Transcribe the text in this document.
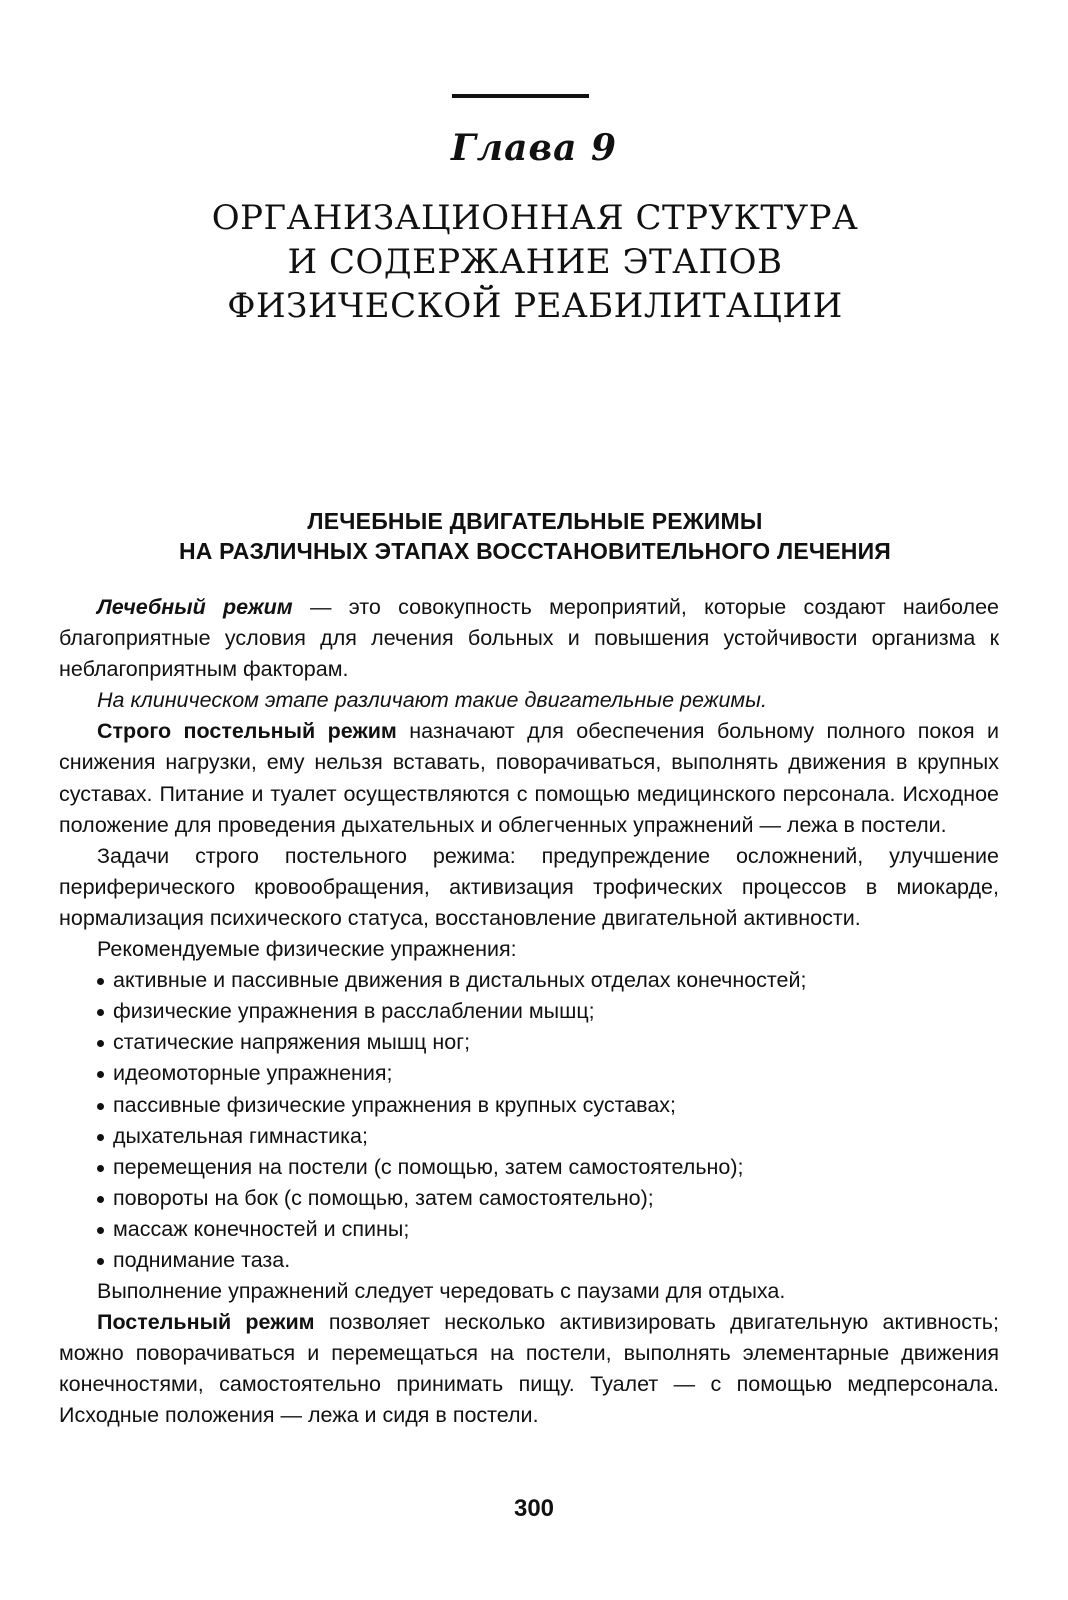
Глава 9
ОРГАНИЗАЦИОННАЯ СТРУКТУРА
И СОДЕРЖАНИЕ ЭТАПОВ
ФИЗИЧЕСКОЙ РЕАБИЛИТАЦИИ
ЛЕЧЕБНЫЕ ДВИГАТЕЛЬНЫЕ РЕЖИМЫ
НА РАЗЛИЧНЫХ ЭТАПАХ ВОССТАНОВИТЕЛЬНОГО ЛЕЧЕНИЯ

Лечебный режим — это совокупность мероприятий, которые создают наиболее благоприятные условия для лечения больных и повышения устойчивости организма к неблагоприятным факторам.

На клиническом этапе различают такие двигательные режимы.

Строго постельный режим назначают для обеспечения больному полного покоя и снижения нагрузки, ему нельзя вставать, поворачиваться, выполнять движения в крупных суставах. Питание и туалет осуществляются с помощью медицинского персонала. Исходное положение для проведения дыхательных и облегченных упражнений — лежа в постели.

Задачи строго постельного режима: предупреждение осложнений, улучшение периферического кровообращения, активизация трофических процессов в миокарде, нормализация психического статуса, восстановление двигательной активности.

Рекомендуемые физические упражнения:

активные и пассивные движения в дистальных отделах конечностей;
физические упражнения в расслаблении мышц;
статические напряжения мышц ног;
идеомоторные упражнения;
пассивные физические упражнения в крупных суставах;
дыхательная гимнастика;
перемещения на постели (с помощью, затем самостоятельно);
повороты на бок (с помощью, затем самостоятельно);
массаж конечностей и спины;
поднимание таза.

Выполнение упражнений следует чередовать с паузами для отдыха.

Постельный режим позволяет несколько активизировать двигательную активность; можно поворачиваться и перемещаться на постели, выполнять элементарные движения конечностями, самостоятельно принимать пищу. Туалет — с помощью медперсонала. Исходные положения — лежа и сидя в постели.

300
